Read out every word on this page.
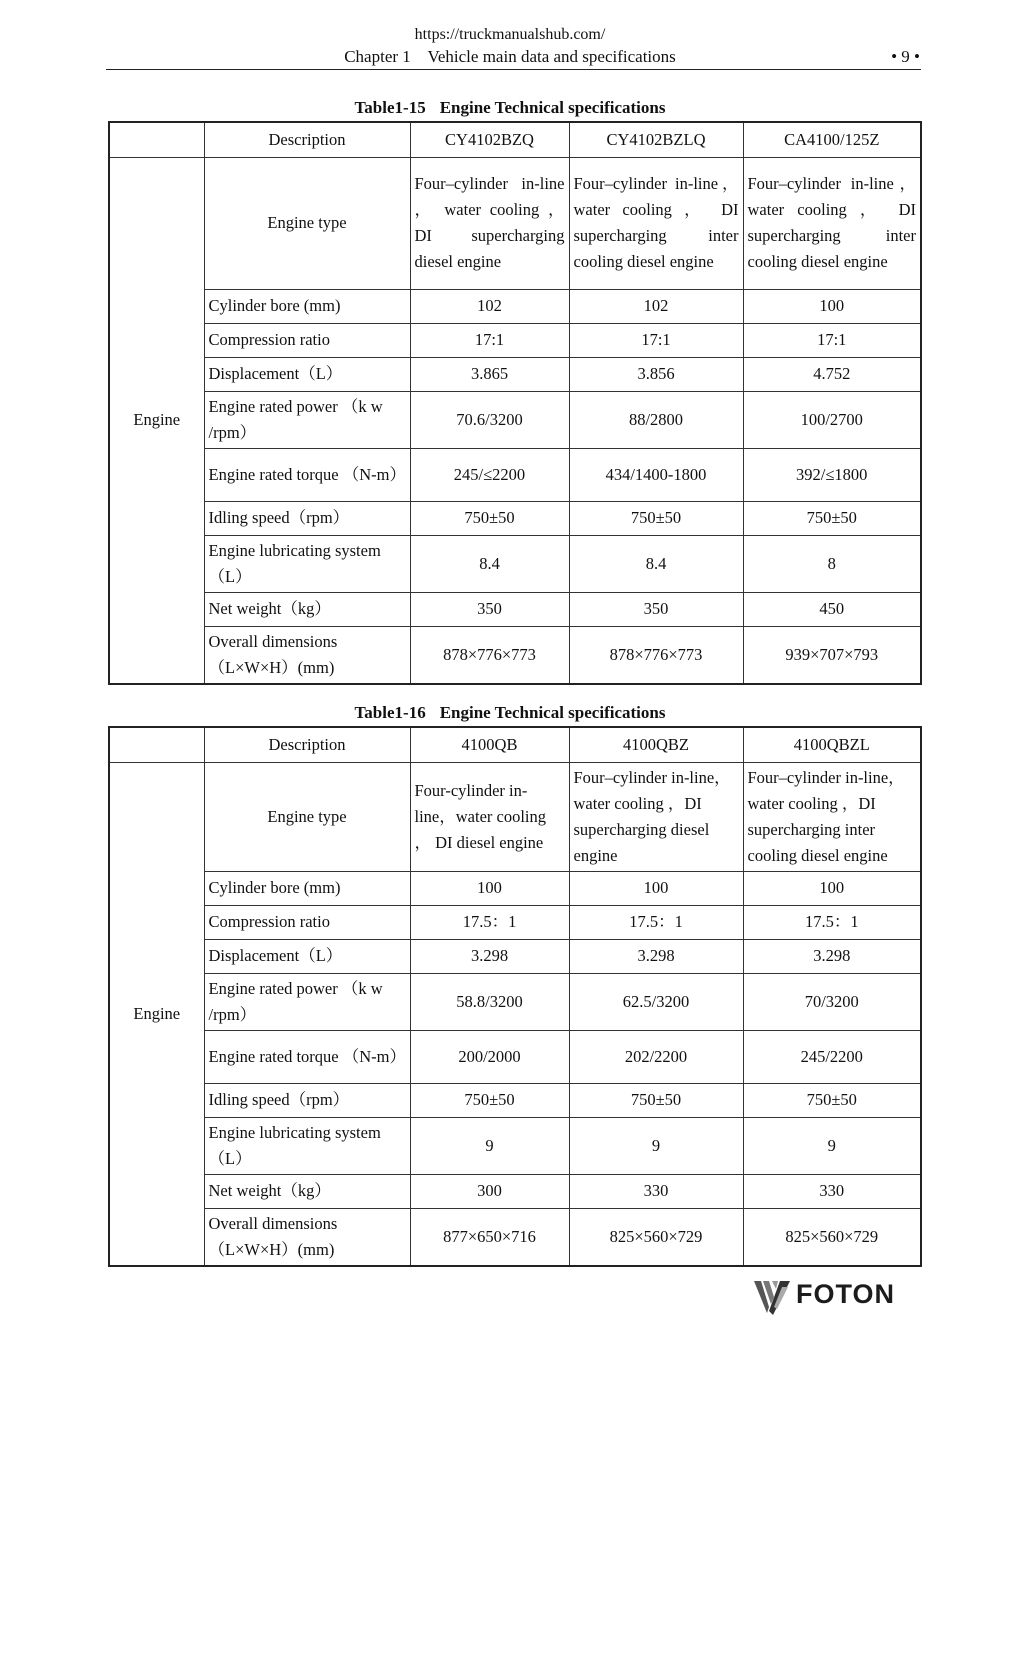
https://truckmanualshub.com/
Chapter 1    Vehicle main data and specifications	• 9 •
Table1-15 Engine Technical specifications
	Description	CY4102BZQ	CY4102BZLQ	CA4100/125Z
Engine	Engine type	Four–cylinder in-line ， water cooling ， DI supercharging diesel engine	Four–cylinder in-line， water cooling ， DI supercharging inter cooling diesel engine	Four–cylinder in-line， water cooling ， DI supercharging inter cooling diesel engine
	Cylinder bore (mm)	102	102	100
	Compression ratio	17:1	17:1	17:1
	Displacement（L）	3.865	3.856	4.752
	Engine rated power （k w /rpm）	70.6/3200	88/2800	100/2700
	Engine rated torque （N-m）	245/≤2200	434/1400-1800	392/≤1800
	Idling speed（rpm）	750±50	750±50	750±50
	Engine lubricating system （L）	8.4	8.4	8
	Net weight（kg）	350	350	450
	Overall dimensions （L×W×H）(mm)	878×776×773	878×776×773	939×707×793
Table1-16 Engine Technical specifications
	Description	4100QB	4100QBZ	4100QBZL
Engine	Engine type	Four-cylinder in-line，water cooling ， DI diesel engine	Four–cylinder in-line， water cooling ，DI supercharging diesel engine	Four–cylinder in-line， water cooling ，DI supercharging inter cooling diesel engine
	Cylinder bore (mm)	100	100	100
	Compression ratio	17.5：1	17.5：1	17.5：1
	Displacement（L）	3.298	3.298	3.298
	Engine rated power （k w /rpm）	58.8/3200	62.5/3200	70/3200
	Engine rated torque （N-m）	200/2000	202/2200	245/2200
	Idling speed（rpm）	750±50	750±50	750±50
	Engine lubricating system （L）	9	9	9
	Net weight（kg）	300	330	330
	Overall dimensions （L×W×H）(mm)	877×650×716	825×560×729	825×560×729
FOTON
